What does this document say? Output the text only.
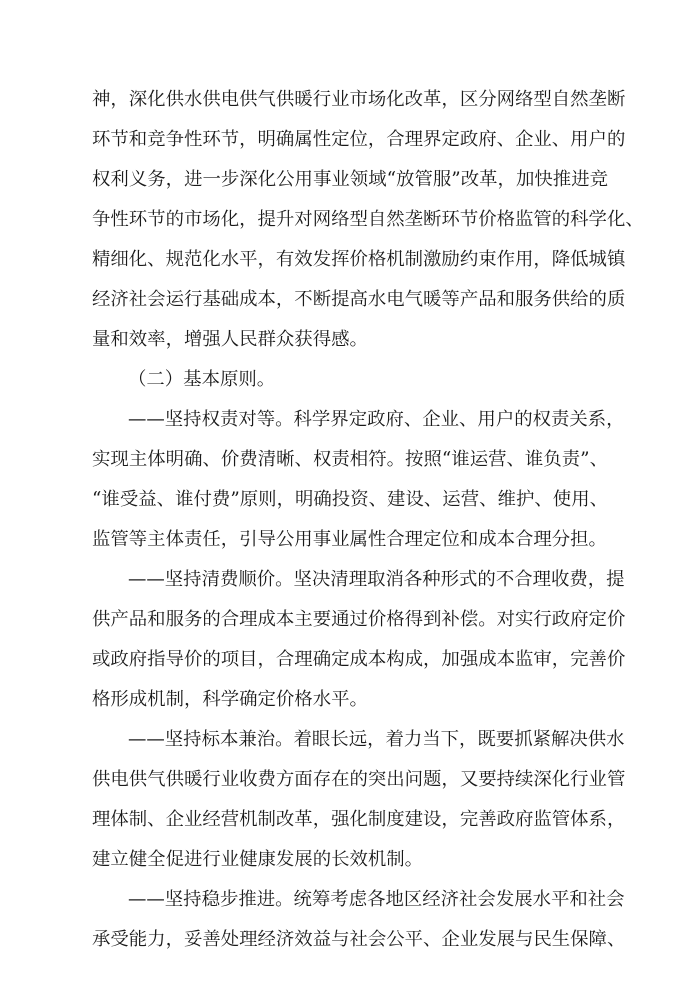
神，深化供水供电供气供暖行业市场化改革，区分网络型自然垄断
环节和竞争性环节，明确属性定位，合理界定政府、企业、用户的
权利义务，进一步深化公用事业领域“放管服”改革，加快推进竞
争性环节的市场化，提升对网络型自然垄断环节价格监管的科学化、
精细化、规范化水平，有效发挥价格机制激励约束作用，降低城镇
经济社会运行基础成本，不断提高水电气暖等产品和服务供给的质
量和效率，增强人民群众获得感。
（二）基本原则。
——坚持权责对等。科学界定政府、企业、用户的权责关系，
实现主体明确、价费清晰、权责相符。按照“谁运营、谁负责”、
“谁受益、谁付费”原则，明确投资、建设、运营、维护、使用、
监管等主体责任，引导公用事业属性合理定位和成本合理分担。
——坚持清费顺价。坚决清理取消各种形式的不合理收费，提
供产品和服务的合理成本主要通过价格得到补偿。对实行政府定价
或政府指导价的项目，合理确定成本构成，加强成本监审，完善价
格形成机制，科学确定价格水平。
——坚持标本兼治。着眼长远，着力当下，既要抓紧解决供水
供电供气供暖行业收费方面存在的突出问题，又要持续深化行业管
理体制、企业经营机制改革，强化制度建设，完善政府监管体系，
建立健全促进行业健康发展的长效机制。
——坚持稳步推进。统筹考虑各地区经济社会发展水平和社会
承受能力，妥善处理经济效益与社会公平、企业发展与民生保障、
